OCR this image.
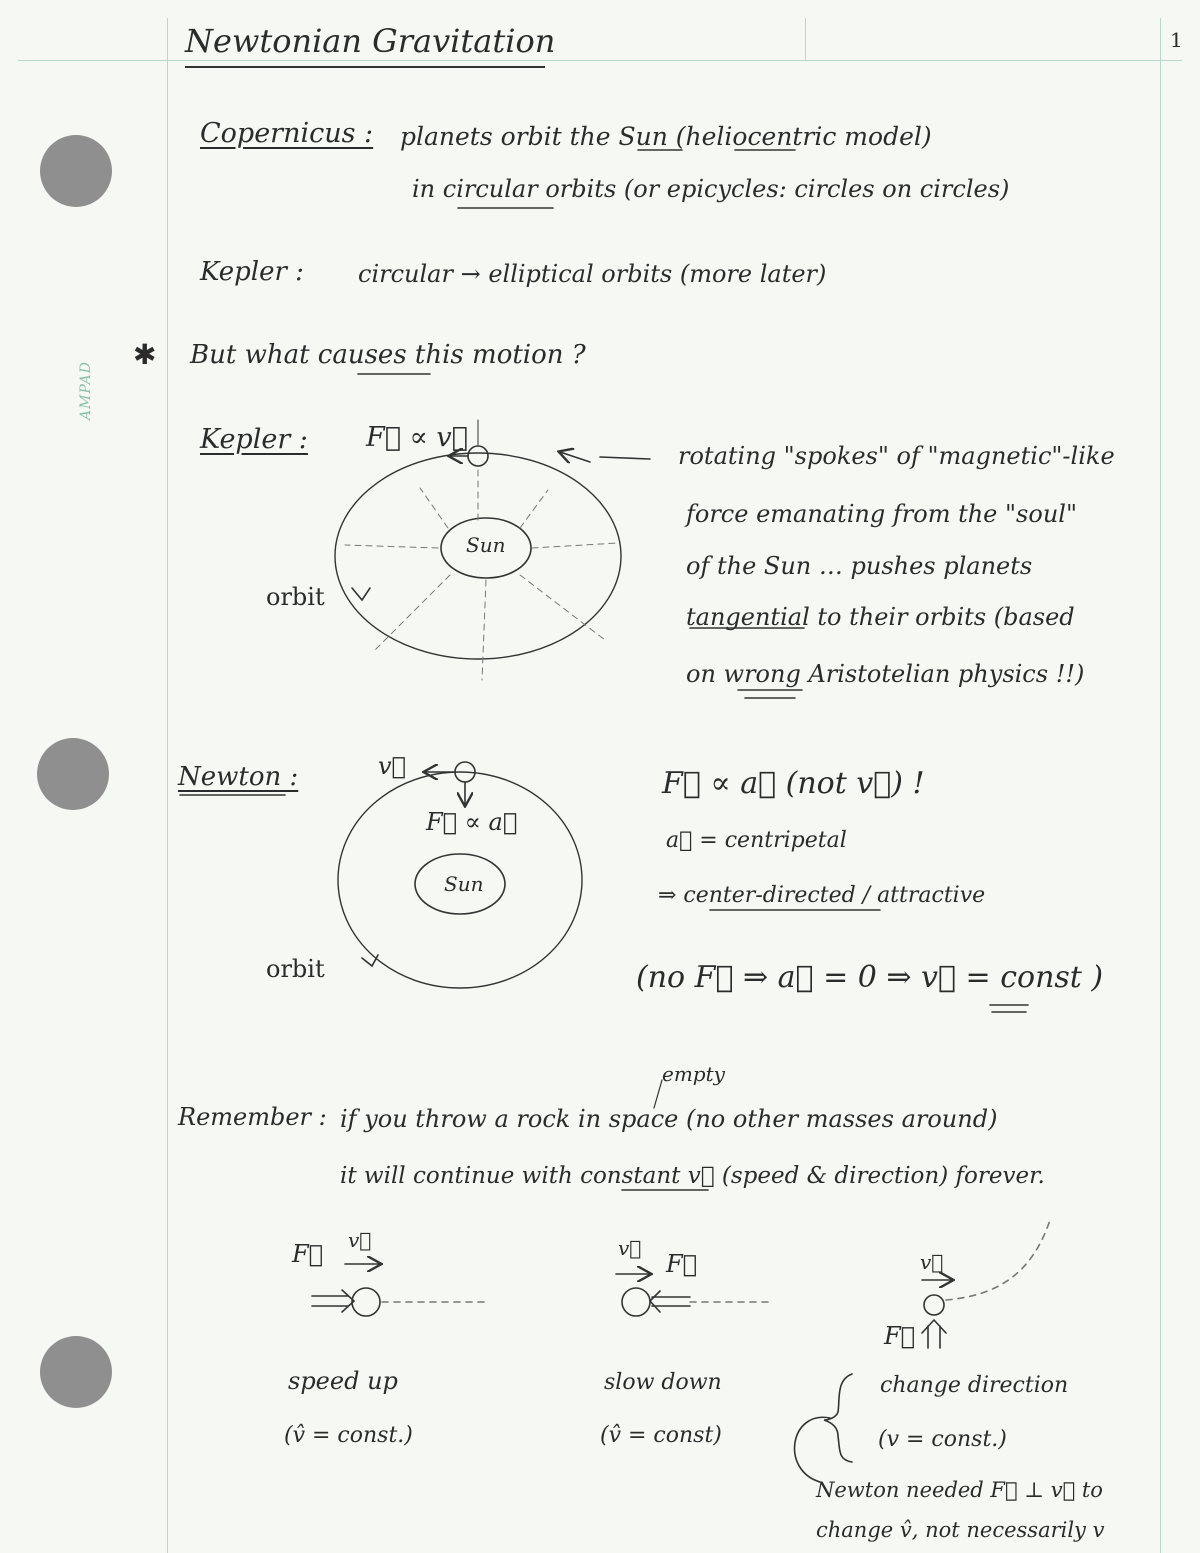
AMPAD
1
Newtonian Gravitation
Copernicus : planets orbit the Sun (heliocentric model)
in circular orbits (or epicycles: circles on circles)
Kepler : circular → elliptical orbits (more later)
✱ But what causes this motion ?
Kepler : F⃗ ∝ v⃗
Sun
orbit
rotating "spokes" of "magnetic"-like
force emanating from the "soul"
of the Sun … pushes planets
tangential to their orbits (based
on wrong Aristotelian physics !!)
Newton :	v⃗
F⃗ ∝ a⃗
Sun
orbit
F⃗ ∝ a⃗ (not v⃗) !
a⃗ = centripetal
⇒ center-directed / attractive
(no F⃗ ⇒ a⃗ = 0 ⇒ v⃗ = const )
empty
Remember : if you throw a rock in space (no other masses around)
it will continue with constant v⃗ (speed & direction) forever.
F⃗ v⃗
speed up
(v̂ = const.)
F⃗
v⃗
slow down
(v̂ = const)
F⃗
v⃗
change direction
(v = const.)
Newton needed F⃗ ⊥ v⃗ to
change v̂, not necessarily v
